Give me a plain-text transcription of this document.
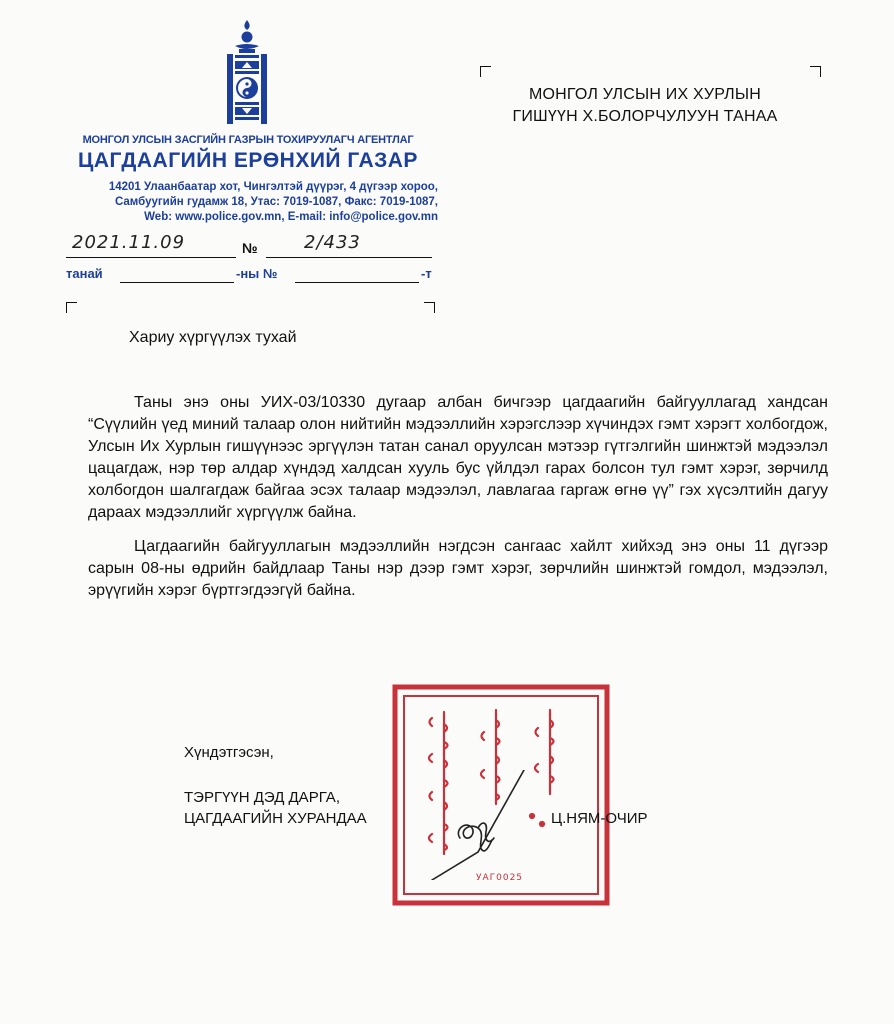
МОНГОЛ УЛСЫН ЗАСГИЙН ГАЗРЫН ТОХИРУУЛАГЧ АГЕНТЛАГ
ЦАГДААГИЙН ЕРӨНХИЙ ГАЗАР
14201 Улаанбаатар хот, Чингэлтэй дүүрэг, 4 дүгээр хороо,
Самбуугийн гудамж 18, Утас: 7019-1087, Факс: 7019-1087,
Web: www.police.gov.mn, E-mail: info@police.gov.mn
2021.11.09	№	2/433
танай	-ны №	-т
МОНГОЛ УЛСЫН ИХ ХУРЛЫН
ГИШҮҮН Х.БОЛОРЧУЛУУН ТАНАА
Хариу хүргүүлэх тухай

Таны энэ оны УИХ-03/10330 дугаар албан бичгээр цагдаагийн байгууллагад хандсан “Сүүлийн үед миний талаар олон нийтийн мэдээллийн хэрэгслээр хүчиндэх гэмт хэрэгт холбогдож, Улсын Их Хурлын гишүүнээс эргүүлэн татан санал оруулсан мэтээр гүтгэлгийн шинжтэй мэдээлэл цацагдаж, нэр төр алдар хүндэд халдсан хууль бус үйлдэл гарах болсон тул гэмт хэрэг, зөрчилд холбогдон шалгагдаж байгаа эсэх талаар мэдээлэл, лавлагаа гаргаж өгнө үү” гэх хүсэлтийн дагуу дараах мэдээллийг хүргүүлж байна.

Цагдаагийн байгууллагын мэдээллийн нэгдсэн сангаас хайлт хийхэд энэ оны 11 дүгээр сарын 08-ны өдрийн байдлаар Таны нэр дээр гэмт хэрэг, зөрчлийн шинжтэй гомдол, мэдээлэл, эрүүгийн хэрэг бүртгэгдээгүй байна.

УАГ0025
Хүндэтгэсэн,
ТЭРГҮҮН ДЭД ДАРГА,
ЦАГДААГИЙН ХУРАНДАА	Ц.НЯМ-ОЧИР
